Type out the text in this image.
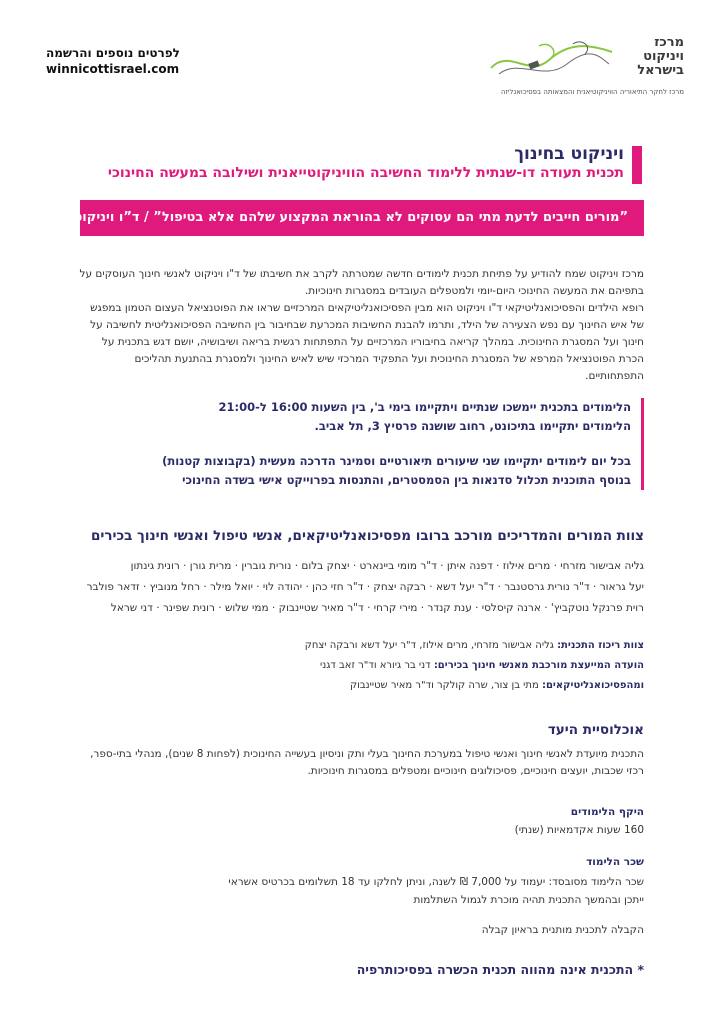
לפרטים נוספים והרשמה
winnicottisrael.com
מרכז
ויניקוט
בישראל
מרכז לחקר התיאוריה הוויניקוטיאנית והמצאותה בפסיכואנליזה
ויניקוט בחינוך
תכנית תעודה דו-שנתית ללימוד החשיבה הוויניקוטייאנית ושילובה במעשה החינוכי
”מורים חייבים לדעת מתי הם עסוקים לא בהוראת המקצוע שלהם אלא בטיפול” / ד”ו ויניקוט

מרכז ויניקוט שמח להודיע על פתיחת תכנית לימודים חדשה שמטרתה לקרב את חשיבתו של ד"ו ויניקוט לאנשי חינוך העוסקים על בתפיהם את המעשה החינוכי היום-יומי ולמטפלים העובדים במסגרות חינוכיות.

רופא הילדים והפסיכואנליטיקאי ד"ו ויניקוט הוא מבין הפסיכואנליטיקאים המרכזיים שראו את הפוטנציאל העצום הטמון במפגש של איש החינוך עם נפש הצעירה של הילד, ותרמו להבנת החשיבות המכרעת שבחיבור בין החשיבה הפסיכואנליטית לחשיבה על חינוך ועל המסגרת החינוכית. במהלך קריאה בחיבוריו המרכזיים על התפתחות רגשית בריאה ושיבושיה, יושם דגש בתכנית על הכרת הפוטנציאל המרפא של המסגרת החינוכית ועל התפקיד המרכזי שיש לאיש החינוך ולמסגרת בהתנעת תהליכים התפתחותיים.

הלימודים בתכנית יימשכו שנתיים ויתקיימו בימי ב', בין השעות 16:00 ל-21:00

הלימודים יתקיימו בתיכונט, רחוב שושנה פרסיץ 3, תל אביב.

בכל יום לימודים יתקיימו שני שיעורים תיאורטיים וסמינר הדרכה מעשית (בקבוצות קטנות)

בנוסף התוכנית תכלול סדנאות בין הסמסטרים, והתנסות בפרוייקט אישי בשדה החינוכי

צוות המורים והמדריכים מורכב ברובו מפסיכואנליטיקאים, אנשי טיפול ואנשי חינוך בכירים
גליה אבישור מזרחי · מרים אילוז · דפנה איתן · ד"ר מומי ביינארט · יצחק בלום · נורית גוברין · מרית גורן · רונית גינתון
יעל גראור · ד"ר נורית גרסטנבר · ד"ר יעל דשא · רבקה יצחק · ד"ר חזי כהן · יהודה לוי · יואל מילר · רחל מנוביץ · זדאר פולבר
רוית פרנקל נוטקביץ' · ארנה קיסלסי · ענת קנדר · מירי קרחי · ד"ר מאיר שטיינבוק · ממי שלוש · רונית שפינר · דני שראל
צוות ריכוז התכנית: גליה אבישור מזרחי, מרים אילוז, ד"ר יעל דשא ורבקה יצחק
הועדה המייעצת מורכבת מאנשי חינוך בכירים: דני בר גיורא וד"ר זאב דגני
ומהפסיכואנליטיקאים: מתי בן צור, שרה קולקר וד"ר מאיר שטיינבוק
אוכלוסיית היעד
התכנית מיועדת לאנשי חינוך ואנשי טיפול במערכת החינוך בעלי ותק וניסיון בעשייה החינוכית (לפחות 8 שנים), מנהלי בתי-ספר, רכזי שכבות, יועצים חינוכיים, פסיכולוגים חינוכיים ומטפלים במסגרות חינוכיות.
היקף הלימודים
160 שעות אקדמאיות (שנתי)
שכר הלימוד
שכר הלימוד מסובסד: יעמוד על 7,000 ₪ לשנה, וניתן לחלקו עד 18 תשלומים בכרטיס אשראי
ייתכן ובהמשך התכנית תהיה מוכרת לגמול השתלמות
הקבלה לתכנית מותנית בראיון קבלה
* התכנית אינה מהווה תכנית הכשרה בפסיכותרפיה
